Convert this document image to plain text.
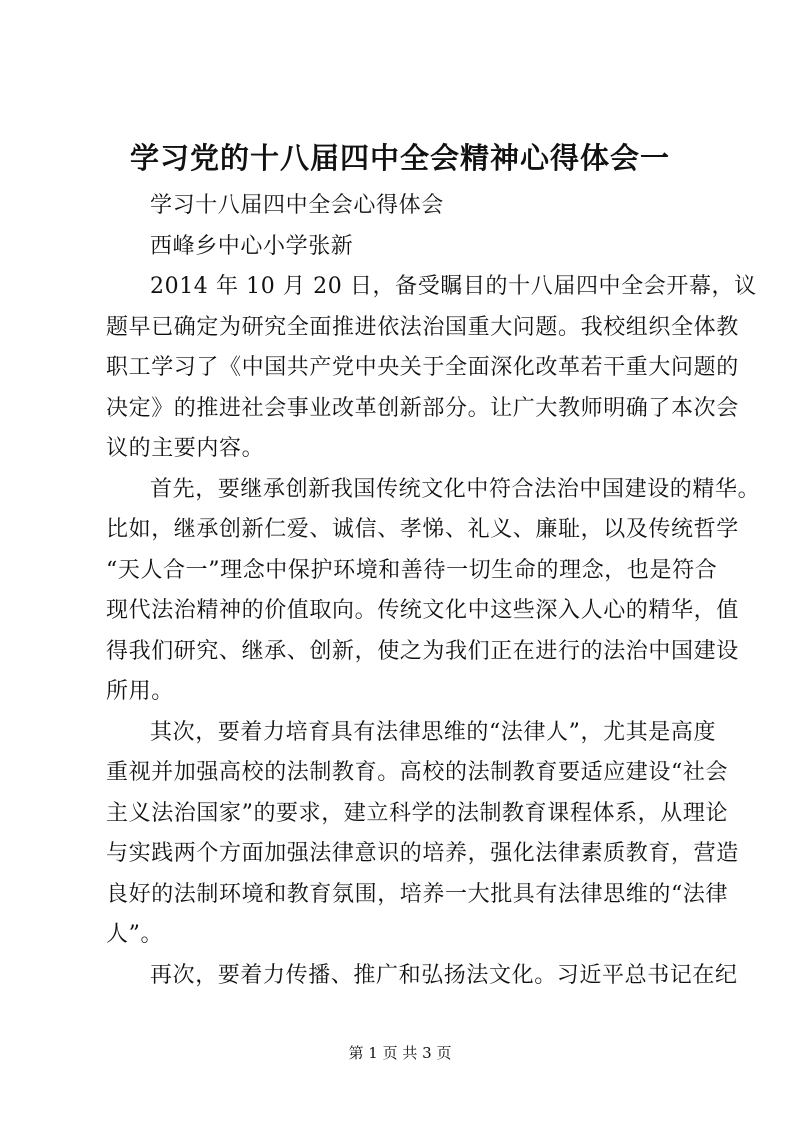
学习党的十八届四中全会精神心得体会一
学习十八届四中全会心得体会
西峰乡中心小学张新
2014 年 10 月 20 日，备受瞩目的十八届四中全会开幕，议
题早已确定为研究全面推进依法治国重大问题。我校组织全体教
职工学习了《中国共产党中央关于全面深化改革若干重大问题的
决定》的推进社会事业改革创新部分。让广大教师明确了本次会
议的主要内容。
首先，要继承创新我国传统文化中符合法治中国建设的精华。
比如，继承创新仁爱、诚信、孝悌、礼义、廉耻，以及传统哲学
“天人合一”理念中保护环境和善待一切生命的理念，也是符合
现代法治精神的价值取向。传统文化中这些深入人心的精华，值
得我们研究、继承、创新，使之为我们正在进行的法治中国建设
所用。
其次，要着力培育具有法律思维的“法律人”，尤其是高度
重视并加强高校的法制教育。高校的法制教育要适应建设“社会
主义法治国家”的要求，建立科学的法制教育课程体系，从理论
与实践两个方面加强法律意识的培养，强化法律素质教育，营造
良好的法制环境和教育氛围，培养一大批具有法律思维的“法律
人”。
再次，要着力传播、推广和弘扬法文化。习近平总书记在纪
第 1 页 共 3 页
